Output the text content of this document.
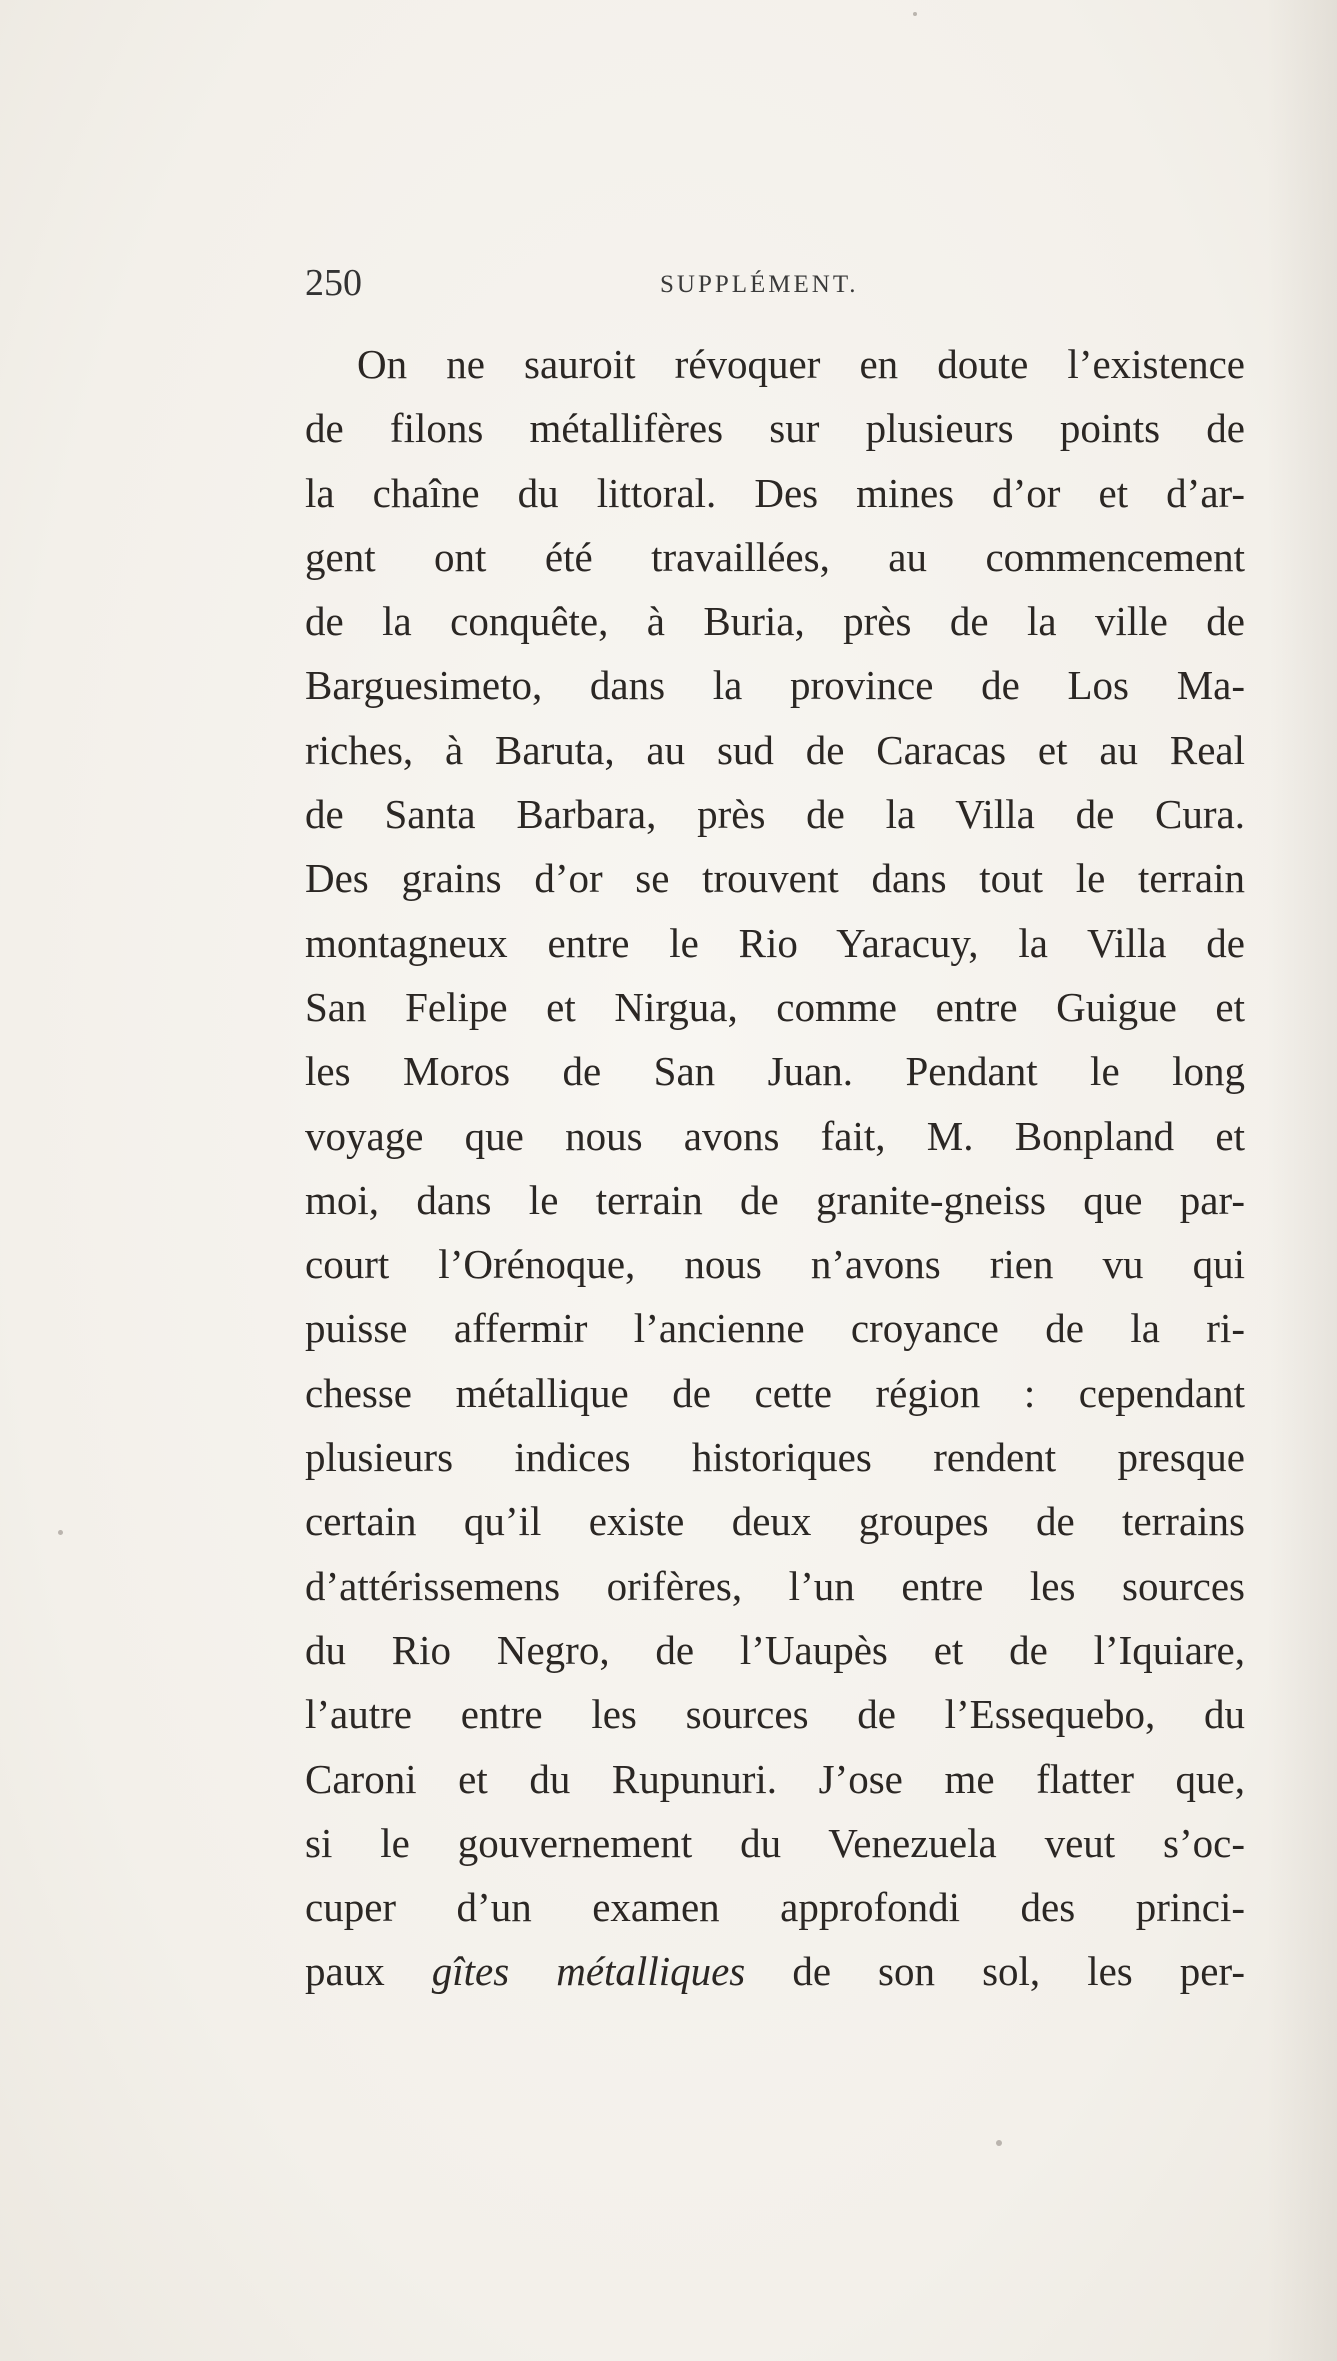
250	SUPPLÉMENT.
On ne sauroit révoquer en doute l’existence
de filons métallifères sur plusieurs points de
la chaîne du littoral. Des mines d’or et d’ar-
gent ont été travaillées, au commencement
de la conquête, à Buria, près de la ville de
Barguesimeto, dans la province de Los Ma-
riches, à Baruta, au sud de Caracas et au Real
de Santa Barbara, près de la Villa de Cura.
Des grains d’or se trouvent dans tout le terrain
montagneux entre le Rio Yaracuy, la Villa de
San Felipe et Nirgua, comme entre Guigue et
les Moros de San Juan. Pendant le long
voyage que nous avons fait, M. Bonpland et
moi, dans le terrain de granite-gneiss que par-
court l’Orénoque, nous n’avons rien vu qui
puisse affermir l’ancienne croyance de la ri-
chesse métallique de cette région : cependant
plusieurs indices historiques rendent presque
certain qu’il existe deux groupes de terrains
d’attérissemens orifères, l’un entre les sources
du Rio Negro, de l’Uaupès et de l’Iquiare,
l’autre entre les sources de l’Essequebo, du
Caroni et du Rupunuri. J’ose me flatter que,
si le gouvernement du Venezuela veut s’oc-
cuper d’un examen approfondi des princi-
paux gîtes métalliques de son sol, les per-
